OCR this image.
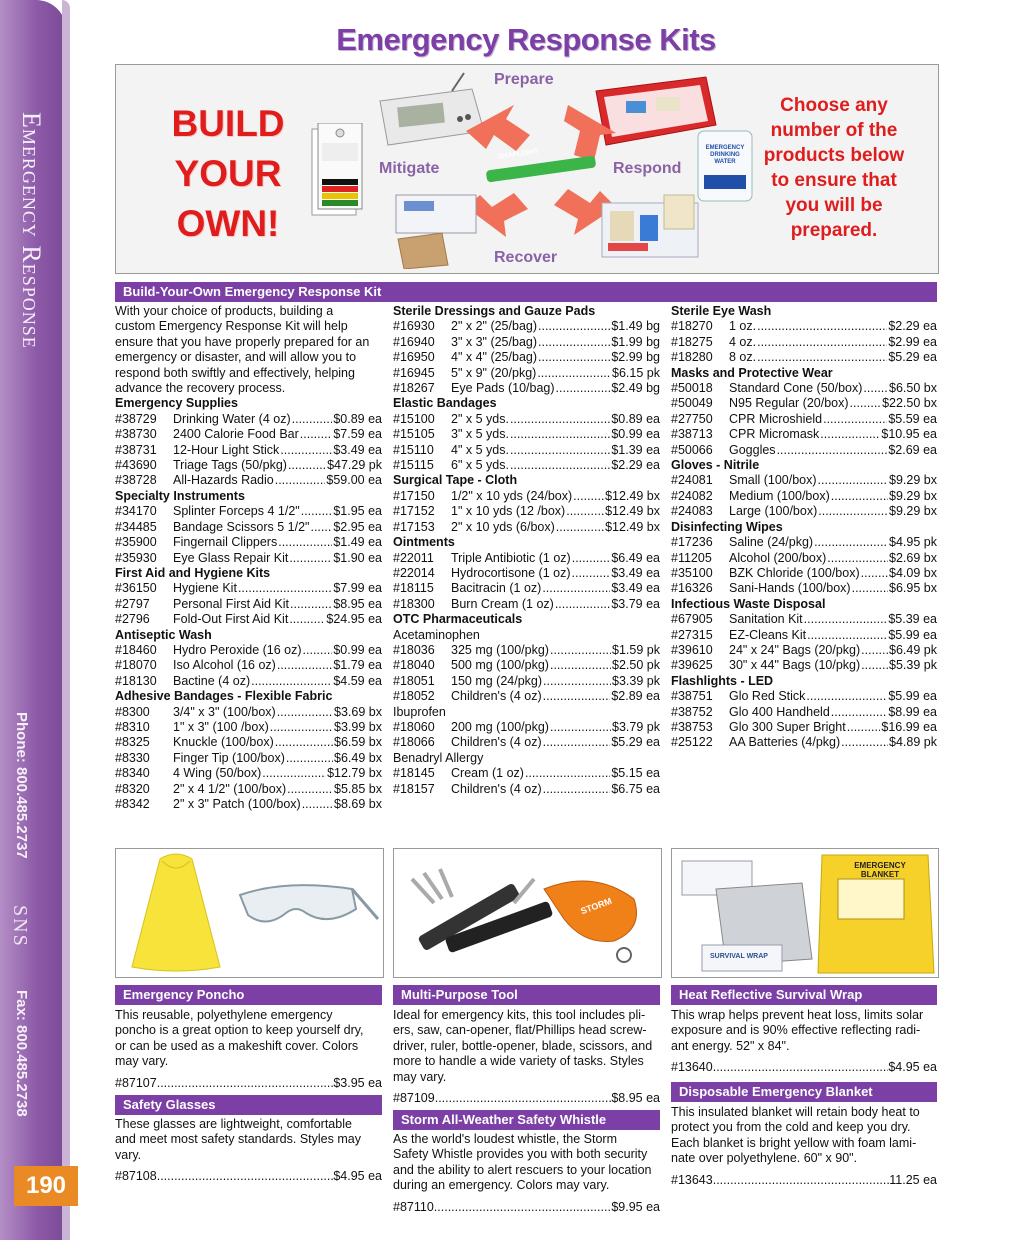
Emergency Response
Phone: 800.485.2737
SNS
Fax: 800.485.2738
190
Emergency Response Kits
BUILD
YOUR
OWN!
Prepare
Mitigate	Respond
Recover
SNAPLIGHT
EMERGENCY DRINKING WATER
Choose any
number of the
products below
to ensure that
you will be
prepared.
Build-Your-Own Emergency Response Kit

With your choice of products, building a

custom Emergency Response Kit will help

ensure that you have properly prepared for an

emergency or disaster, and will allow you to

respond both swiftly and effectively, helping

advance the recovery process.

Emergency Supplies

#38729	Drinking Water (4 oz) .....	$0.89 ea
#38730	2400 Calorie Food Bar .....	$7.59 ea
#38731	12-Hour Light Stick .....	$3.49 ea
#43690	Triage Tags (50/pkg) .....	$47.29 pk
#38728	All-Hazards Radio .....	$59.00 ea

Specialty Instruments

#34170	Splinter Forceps 4 1/2" .....	$1.95 ea
#34485	Bandage Scissors 5 1/2" ..... $2.95 ea
#35900	Fingernail Clippers .....	$1.49 ea
#35930	Eye Glass Repair Kit .....	$1.90 ea

First Aid and Hygiene Kits

#36150	Hygiene Kit .....	$7.99 ea
#2797	Personal First Aid Kit .....	$8.95 ea
#2796	Fold-Out First Aid Kit .....	$24.95 ea

Antiseptic Wash

#18460	Hydro Peroxide (16 oz) .....	$0.99 ea
#18070	Iso Alcohol (16 oz) .....	$1.79 ea
#18130	Bactine (4 oz) .....	$4.59 ea

Adhesive Bandages - Flexible Fabric

#8300	3/4" x 3" (100/box) .....	$3.69 bx
#8310	1" x 3" (100 /box) .....	$3.99 bx
#8325	Knuckle (100/box) .....	$6.59 bx
#8330	Finger Tip (100/box) .....	$6.49 bx
#8340	4 Wing (50/box) .....	$12.79 bx
#8320	2" x 4 1/2" (100/box) .....	$5.85 bx
#8342	2" x 3" Patch (100/box) .....	$8.69 bx

Sterile Dressings and Gauze Pads

#16930	2" x 2" (25/bag) .....	$1.49 bg
#16940	3" x 3" (25/bag) .....	$1.99 bg
#16950	4" x 4" (25/bag) .....	$2.99 bg
#16945	5" x 9" (20/pkg) .....	$6.15 pk
#18267	Eye Pads (10/bag) .....	$2.49 bg

Elastic Bandages

#15100	2" x 5 yds. .....	$0.89 ea
#15105	3" x 5 yds. .....	$0.99 ea
#15110	4" x 5 yds. .....	$1.39 ea
#15115	6" x 5 yds. .....	$2.29 ea

Surgical Tape - Cloth

#17150	1/2" x 10 yds (24/box) .....	$12.49 bx
#17152	1" x 10 yds (12 /box) .....	$12.49 bx
#17153	2" x 10 yds (6/box) .....	$12.49 bx

Ointments

#22011	Triple Antibiotic (1 oz) .....	$6.49 ea
#22014	Hydrocortisone (1 oz) .....	$3.49 ea
#18115	Bacitracin (1 oz) .....	$3.49 ea
#18300	Burn Cream (1 oz) .....	$3.79 ea

OTC Pharmaceuticals

Acetaminophen

#18036	325 mg (100/pkg) .....	$1.59 pk
#18040	500 mg (100/pkg) .....	$2.50 pk
#18051	150 mg (24/pkg) .....	$3.39 pk
#18052	Children's (4 oz) .....	$2.89 ea

Ibuprofen

#18060	200 mg (100/pkg) .....	$3.79 pk
#18066	Children's (4 oz) .....	$5.29 ea

Benadryl Allergy

#18145	Cream (1 oz) .....	$5.15 ea
#18157	Children's (4 oz) .....	$6.75 ea

Sterile Eye Wash

#18270	1 oz. .....	$2.29 ea
#18275	4 oz. .....	$2.99 ea
#18280	8 oz. .....	$5.29 ea

Masks and Protective Wear

#50018	Standard Cone (50/box) ..... $6.50 bx
#50049	N95 Regular (20/box) .....	$22.50 bx
#27750	CPR Microshield .....	$5.59 ea
#38713	CPR Micromask .....	$10.95 ea
#50066	Goggles .....	$2.69 ea

Gloves - Nitrile

#24081	Small (100/box) .....	$9.29 bx
#24082	Medium (100/box) .....	$9.29 bx
#24083	Large (100/box) .....	$9.29 bx

Disinfecting Wipes

#17236	Saline (24/pkg) .....	$4.95 pk
#11205	Alcohol (200/box) .....	$2.69 bx
#35100	BZK Chloride (100/box) ..... $4.09 bx
#16326	Sani-Hands (100/box) .....	$6.95 bx

Infectious Waste Disposal

#67905	Sanitation Kit .....	$5.39 ea
#27315	EZ-Cleans Kit .....	$5.99 ea
#39610	24" x 24" Bags (20/pkg) ..... $6.49 pk
#39625	30" x 44" Bags (10/pkg) ..... $5.39 pk

Flashlights - LED

#38751	Glo Red Stick .....	$5.99 ea
#38752	Glo 400 Handheld .....	$8.99 ea
#38753	Glo 300 Super Bright .....	$16.99 ea
#25122	AA Batteries (4/pkg) .....	$4.89 pk
STORM
SURVIVAL WRAP
EMERGENCY BLANKET
Emergency Poncho

This reusable, polyethylene emergency

poncho is a great option to keep yourself dry,

or can be used as a makeshift cover. Colors

may vary.

#87107 .....	$3.95 ea

Safety Glasses

These glasses are lightweight, comfortable

and meet most safety standards. Styles may

vary.

#87108 .....	$4.95 ea

Multi-Purpose Tool

Ideal for emergency kits, this tool includes pli-

ers, saw, can-opener, flat/Phillips head screw-

driver, ruler, bottle-opener, blade, scissors, and

more to handle a wide variety of tasks. Styles

may vary.

#87109 .....	$8.95 ea

Storm All-Weather Safety Whistle

As the world's loudest whistle, the Storm

Safety Whistle provides you with both security

and the ability to alert rescuers to your location

during an emergency. Colors may vary.

#87110 .....	$9.95 ea

Heat Reflective Survival Wrap

This wrap helps prevent heat loss, limits solar

exposure and is 90% effective reflecting radi-

ant energy. 52" x 84".

#13640 .....	$4.95 ea

Disposable Emergency Blanket

This insulated blanket will retain body heat to

protect you from the cold and keep you dry.

Each blanket is bright yellow with foam lami-

nate over polyethylene. 60" x 90".

#13643 .....	11.25 ea
